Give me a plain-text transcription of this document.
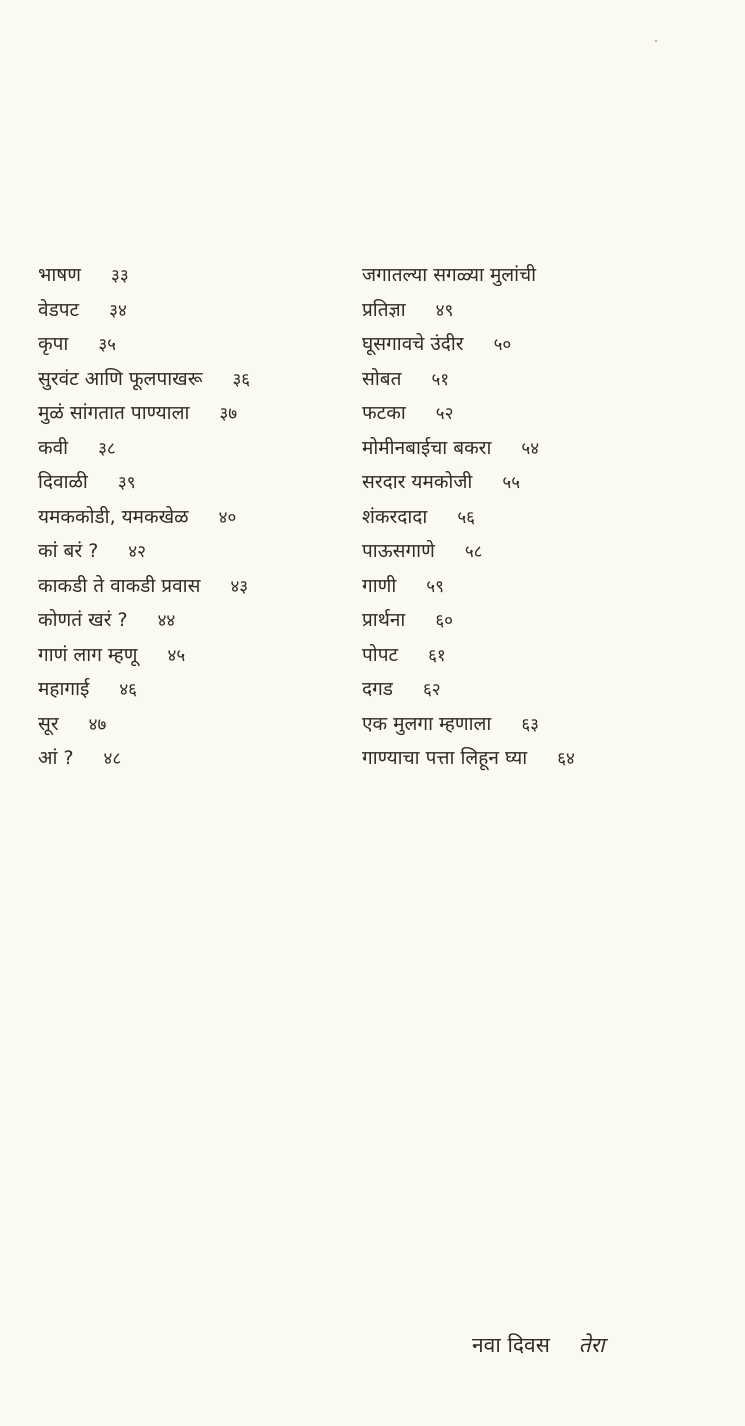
भाषण ३३
वेडपट ३४
कृपा ३५
सुरवंट आणि फूलपाखरू ३६
मुळं सांगतात पाण्याला ३७
कवी ३८
दिवाळी ३९
यमककोडी, यमकखेळ ४०
कां बरं ? ४२
काकडी ते वाकडी प्रवास ४३
कोणतं खरं ? ४४
गाणं लाग म्हणू ४५
महागाई ४६
सूर ४७
आं ? ४८
जगातल्या सगळ्या मुलांची
प्रतिज्ञा ४९
घूसगावचे उंदीर ५०
सोबत ५१
फटका ५२
मोमीनबाईचा बकरा ५४
सरदार यमकोजी ५५
शंकरदादा ५६
पाऊसगाणे ५८
गाणी ५९
प्रार्थना ६०
पोपट ६१
दगड ६२
एक मुलगा म्हणाला ६३
गाण्याचा पत्ता लिहून घ्या ६४
नवा दिवस तेरा
